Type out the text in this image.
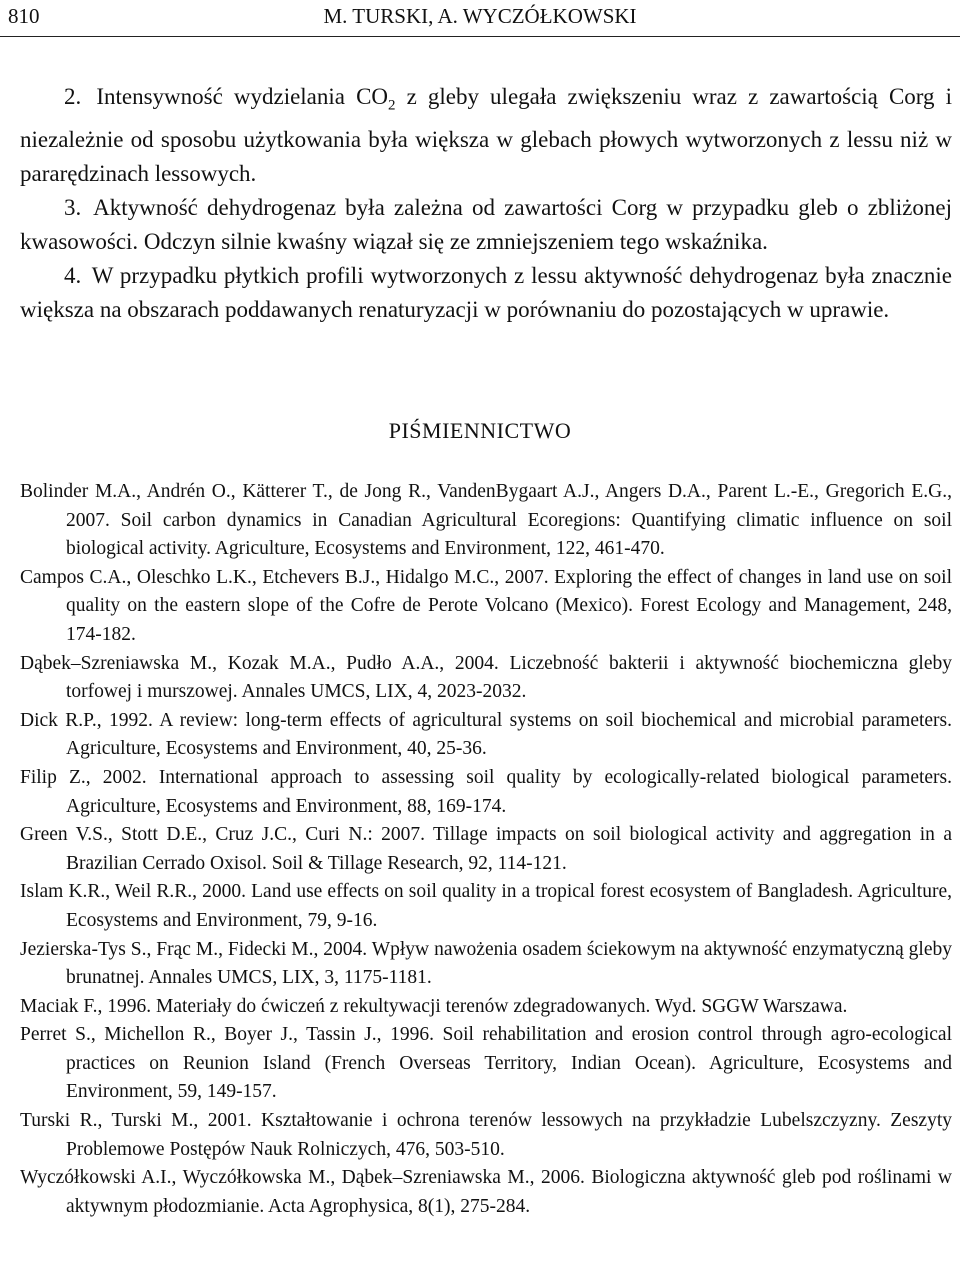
810	M. TURSKI, A. WYCZÓŁKOWSKI

2. Intensywność wydzielania $CO_2$ z gleby ulegała zwiększeniu wraz z zawartością Corg i niezależnie od sposobu użytkowania była większa w glebach płowych wytworzonych z lessu niż w pararędzinach lessowych.

3. Aktywność dehydrogenaz była zależna od zawartości Corg w przypadku gleb o zbliżonej kwasowości. Odczyn silnie kwaśny wiązał się ze zmniejszeniem tego wskaźnika.

4. W przypadku płytkich profili wytworzonych z lessu aktywność dehydrogenaz była znacznie większa na obszarach poddawanych renaturyzacji w porównaniu do pozostających w uprawie.

PIŚMIENNICTWO

Bolinder M.A., Andrén O., Kätterer T., de Jong R., VandenBygaart A.J., Angers D.A., Parent L.-E., Gregorich E.G., 2007. Soil carbon dynamics in Canadian Agricultural Ecoregions: Quantifying climatic influence on soil biological activity. Agriculture, Ecosystems and Environment, 122, 461-470.

Campos C.A., Oleschko L.K., Etchevers B.J., Hidalgo M.C., 2007. Exploring the effect of changes in land use on soil quality on the eastern slope of the Cofre de Perote Volcano (Mexico). Forest Ecology and Management, 248, 174-182.

Dąbek–Szreniawska M., Kozak M.A., Pudło A.A., 2004. Liczebność bakterii i aktywność biochemiczna gleby torfowej i murszowej. Annales UMCS, LIX, 4, 2023-2032.

Dick R.P., 1992. A review: long-term effects of agricultural systems on soil biochemical and microbial parameters. Agriculture, Ecosystems and Environment, 40, 25-36.

Filip Z., 2002. International approach to assessing soil quality by ecologically-related biological parameters. Agriculture, Ecosystems and Environment, 88, 169-174.

Green V.S., Stott D.E., Cruz J.C., Curi N.: 2007. Tillage impacts on soil biological activity and aggregation in a Brazilian Cerrado Oxisol. Soil & Tillage Research, 92, 114-121.

Islam K.R., Weil R.R., 2000. Land use effects on soil quality in a tropical forest ecosystem of Bangladesh. Agriculture, Ecosystems and Environment, 79, 9-16.

Jezierska-Tys S., Frąc M., Fidecki M., 2004. Wpływ nawożenia osadem ściekowym na aktywność enzymatyczną gleby brunatnej. Annales UMCS, LIX, 3, 1175-1181.

Maciak F., 1996. Materiały do ćwiczeń z rekultywacji terenów zdegradowanych. Wyd. SGGW Warszawa.

Perret S., Michellon R., Boyer J., Tassin J., 1996. Soil rehabilitation and erosion control through agro-ecological practices on Reunion Island (French Overseas Territory, Indian Ocean). Agriculture, Ecosystems and Environment, 59, 149-157.

Turski R., Turski M., 2001. Kształtowanie i ochrona terenów lessowych na przykładzie Lubelszczyzny. Zeszyty Problemowe Postępów Nauk Rolniczych, 476, 503-510.

Wyczółkowski A.I., Wyczółkowska M., Dąbek–Szreniawska M., 2006. Biologiczna aktywność gleb pod roślinami w aktywnym płodozmianie. Acta Agrophysica, 8(1), 275-284.
